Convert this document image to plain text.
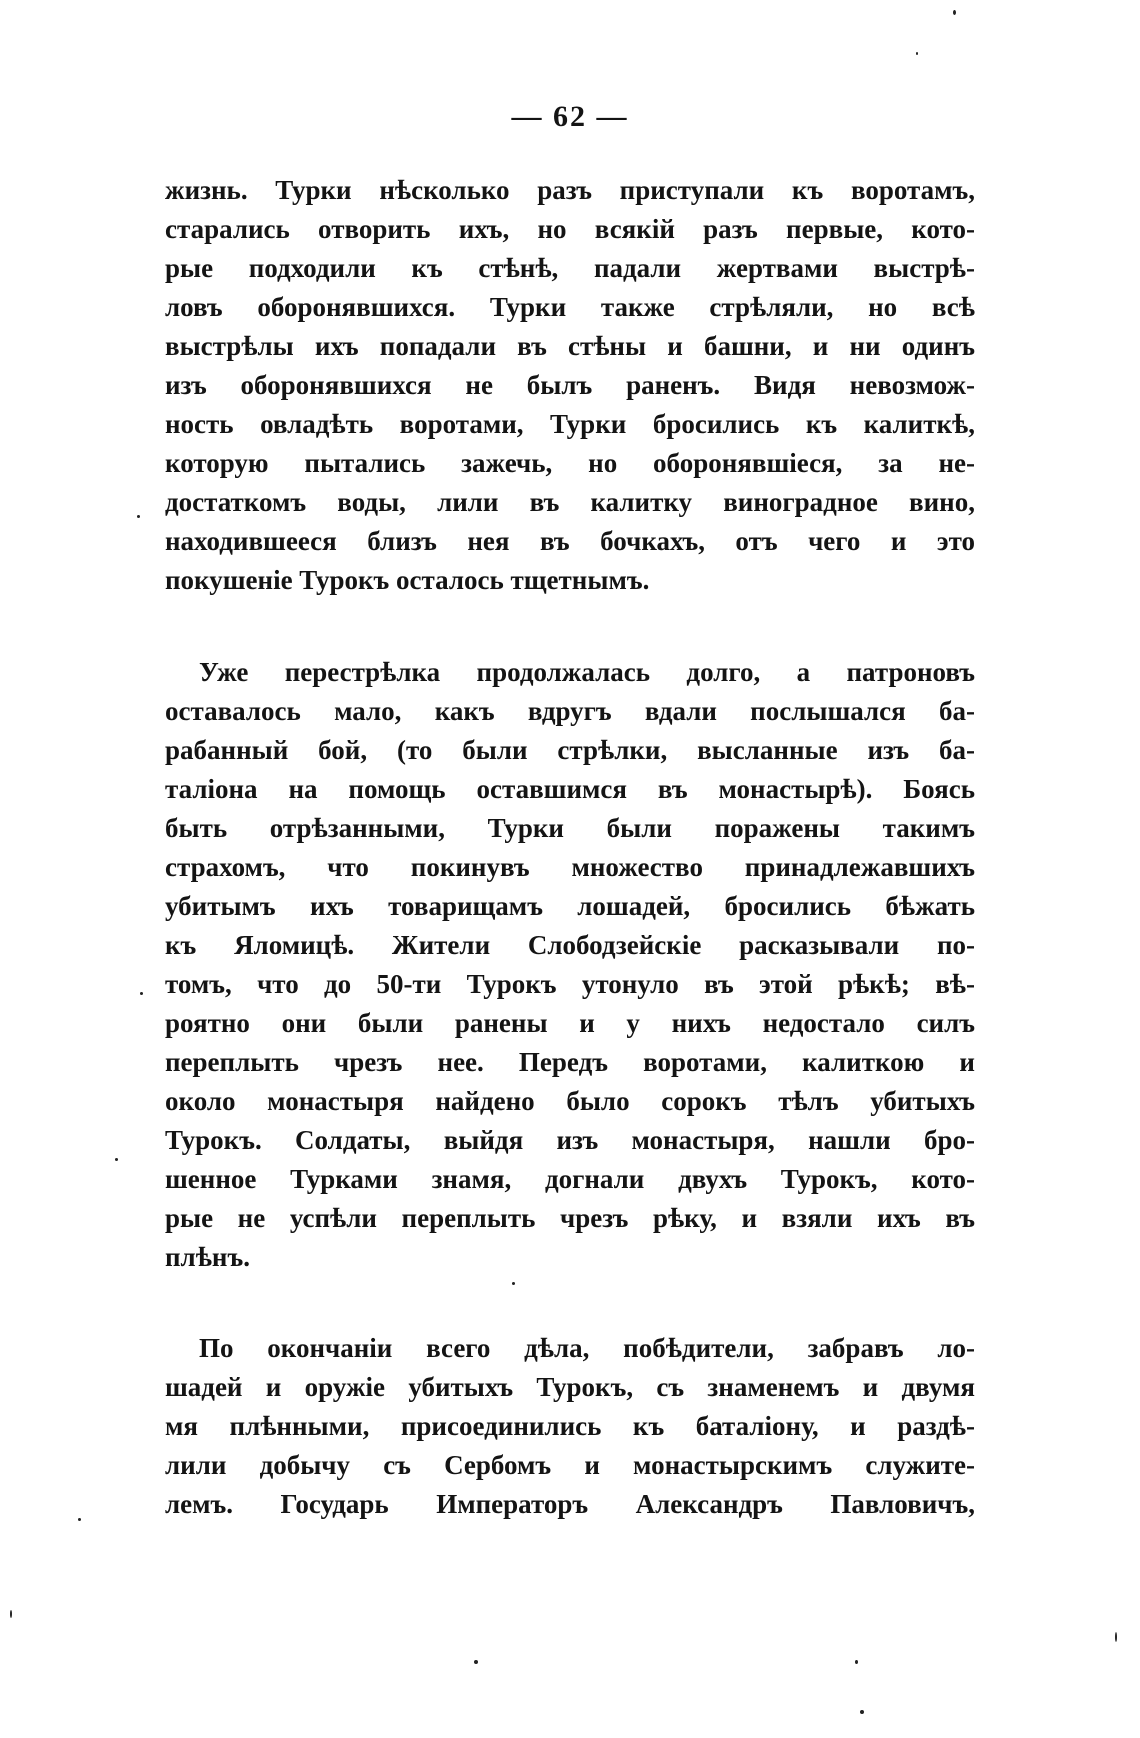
— 62 —
жизнь. Турки нѣсколько разъ приступали къ воротамъ,
старались отворить ихъ, но всякій разъ первые, кото-
рые подходили къ стѣнѣ, падали жертвами выстрѣ-
ловъ оборонявшихся. Турки также стрѣляли, но всѣ
выстрѣлы ихъ попадали въ стѣны и башни, и ни одинъ
изъ оборонявшихся не былъ раненъ. Видя невозмож-
ность овладѣть воротами, Турки бросились къ калиткѣ,
которую пытались зажечь, но оборонявшіеся, за не-
достаткомъ воды, лили въ калитку виноградное вино,
находившееся близъ нея въ бочкахъ, отъ чего и это
покушеніе Турокъ осталось тщетнымъ.
Уже перестрѣлка продолжалась долго, а патроновъ
оставалось мало, какъ вдругъ вдали послышался ба-
рабанный бой, (то были стрѣлки, высланные изъ ба-
таліона на помощь оставшимся въ монастырѣ). Боясь
быть отрѣзанными, Турки были поражены такимъ
страхомъ, что покинувъ множество принадлежавшихъ
убитымъ ихъ товарищамъ лошадей, бросились бѣжать
къ Яломицѣ. Жители Слободзейскіе расказывали по-
томъ, что до 50-ти Турокъ утонуло въ этой рѣкѣ; вѣ-
роятно они были ранены и у нихъ недостало силъ
переплыть чрезъ нее. Передъ воротами, калиткою и
около монастыря найдено было сорокъ тѣлъ убитыхъ
Турокъ. Солдаты, выйдя изъ монастыря, нашли бро-
шенное Турками знамя, догнали двухъ Турокъ, кото-
рые не успѣли переплыть чрезъ рѣку, и взяли ихъ въ
плѣнъ.
По окончаніи всего дѣла, побѣдители, забравъ ло-
шадей и оружіе убитыхъ Турокъ, съ знаменемъ и двумя
мя плѣнными, присоединились къ баталіону, и раздѣ-
лили добычу съ Сербомъ и монастырскимъ служите-
лемъ. Государь Императоръ Александръ Павловичъ,
